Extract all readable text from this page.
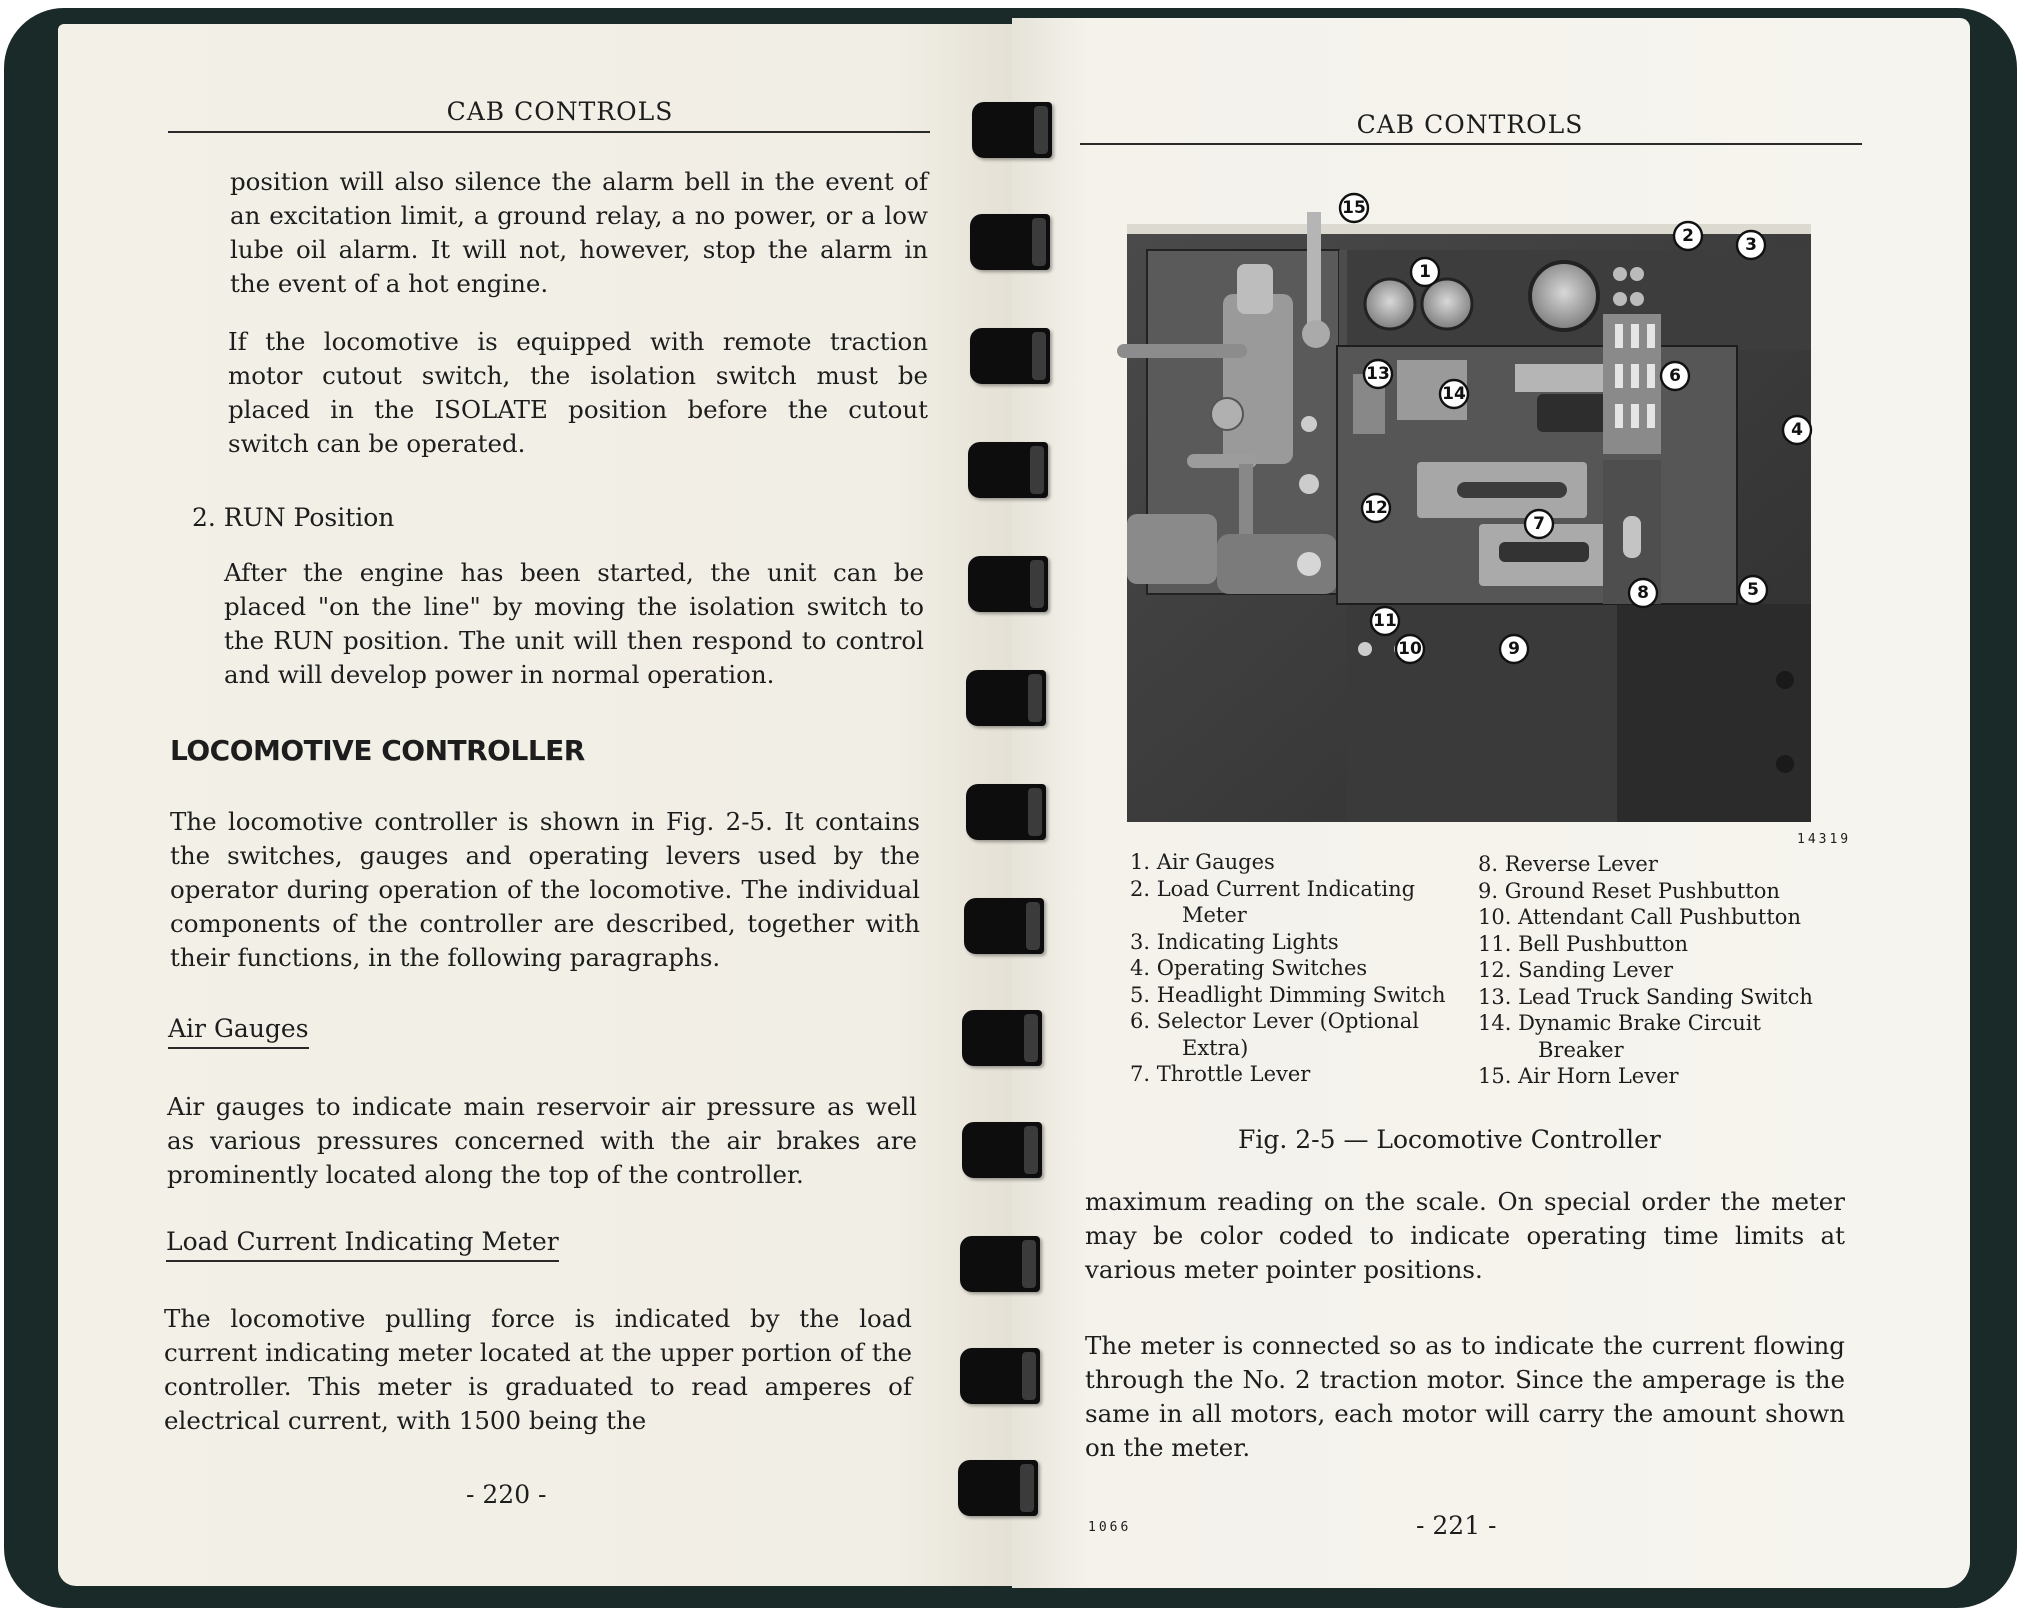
CAB CONTROLS

position will also silence the alarm bell in the event of an excitation limit, a ground relay, a no power, or a low lube oil alarm. It will not, however, stop the alarm in the event of a hot engine.

If the locomotive is equipped with remote traction motor cutout switch, the isolation switch must be placed in the ISOLATE position before the cutout switch can be operated.

2. RUN Position

After the engine has been started, the unit can be placed "on the line" by moving the isolation switch to the RUN position. The unit will then respond to control and will develop power in normal operation.

LOCOMOTIVE CONTROLLER

The locomotive controller is shown in Fig. 2-5. It contains the switches, gauges and operating levers used by the operator during operation of the locomotive. The individual components of the controller are described, together with their functions, in the following paragraphs.

Air Gauges

Air gauges to indicate main reservoir air pressure as well as various pressures concerned with the air brakes are prominently located along the top of the controller.

Load Current Indicating Meter

The locomotive pulling force is indicated by the load current indicating meter located at the upper portion of the controller. This meter is graduated to read amperes of electrical current, with 1500 being the

- 220 -
CAB CONTROLS
1
2	3
4
5
6
7
8
9
10
11
12
13
14
15
14319
1. Air Gauges
2. Load Current Indicating
Meter
3. Indicating Lights
4. Operating Switches
5. Headlight Dimming Switch
6. Selector Lever (Optional
Extra)
7. Throttle Lever
8. Reverse Lever
9. Ground Reset Pushbutton
10. Attendant Call Pushbutton
11. Bell Pushbutton
12. Sanding Lever
13. Lead Truck Sanding Switch
14. Dynamic Brake Circuit
Breaker
15. Air Horn Lever
Fig. 2-5 — Locomotive Controller

maximum reading on the scale. On special order the meter may be color coded to indicate operating time limits at various meter pointer positions.

The meter is connected so as to indicate the current flowing through the No. 2 traction motor. Since the amperage is the same in all motors, each motor will carry the amount shown on the meter.

1066	- 221 -
